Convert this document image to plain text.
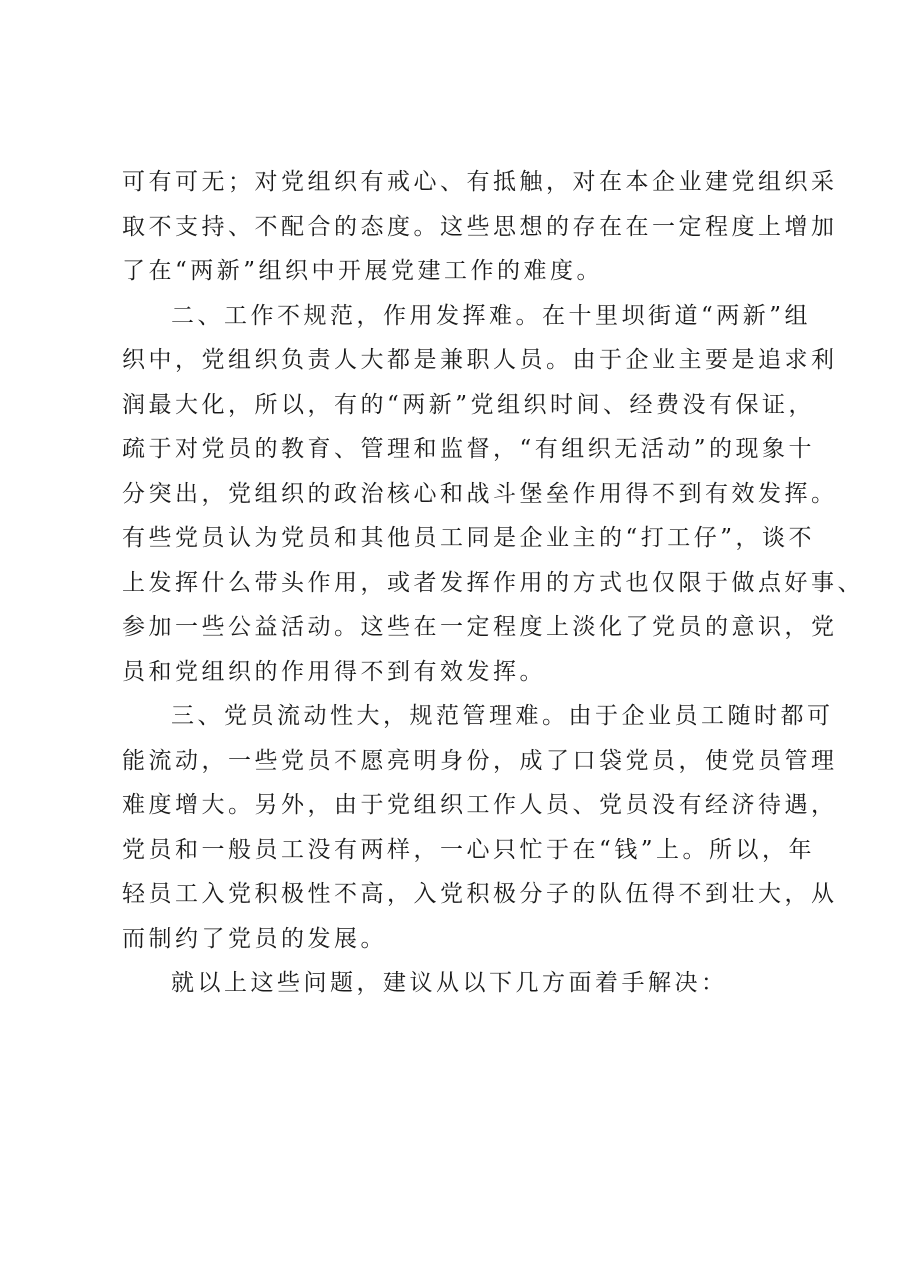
可有可无；对党组织有戒心、有抵触，对在本企业建党组织采

取不支持、不配合的态度。这些思想的存在在一定程度上增加

了在“两新”组织中开展党建工作的难度。

二、工作不规范，作用发挥难。在十里坝街道“两新”组

织中，党组织负责人大都是兼职人员。由于企业主要是追求利

润最大化，所以，有的“两新”党组织时间、经费没有保证，

疏于对党员的教育、管理和监督，“有组织无活动”的现象十

分突出，党组织的政治核心和战斗堡垒作用得不到有效发挥。

有些党员认为党员和其他员工同是企业主的“打工仔”，谈不

上发挥什么带头作用，或者发挥作用的方式也仅限于做点好事、

参加一些公益活动。这些在一定程度上淡化了党员的意识，党

员和党组织的作用得不到有效发挥。

三、党员流动性大，规范管理难。由于企业员工随时都可

能流动，一些党员不愿亮明身份，成了口袋党员，使党员管理

难度增大。另外，由于党组织工作人员、党员没有经济待遇，

党员和一般员工没有两样，一心只忙于在“钱”上。所以，年

轻员工入党积极性不高，入党积极分子的队伍得不到壮大，从

而制约了党员的发展。

就以上这些问题，建议从以下几方面着手解决：
